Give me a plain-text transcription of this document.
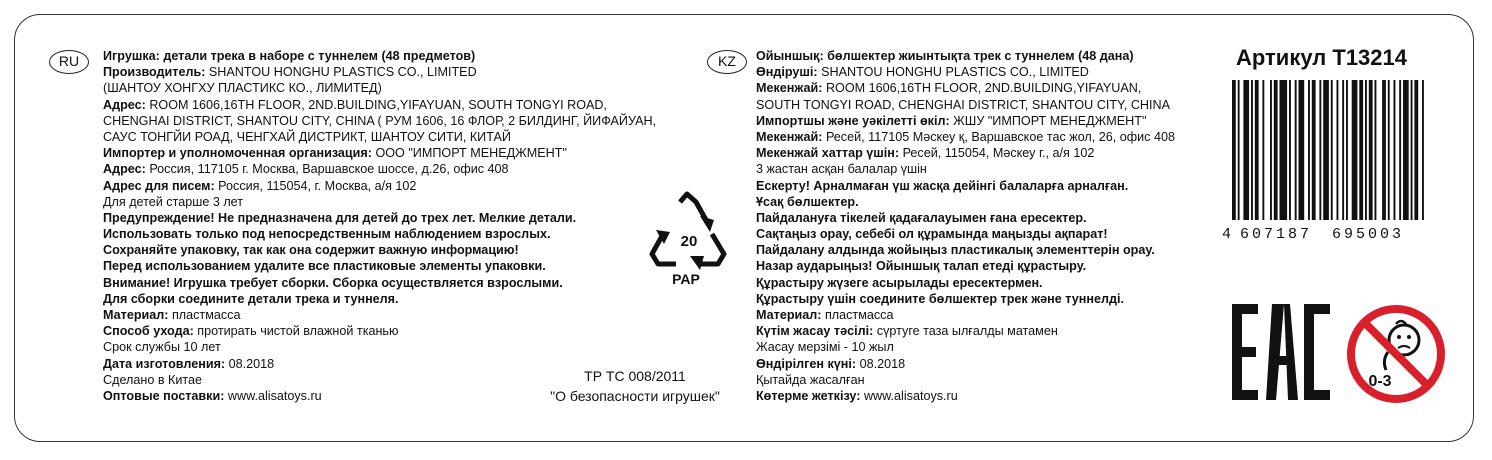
RU	Игрушка: детали трека в наборе с туннелем (48 предметов)
Производитель: SHANTOU HONGHU PLASTICS CO., LIMITED
(ШАНТОУ ХОНГХУ ПЛАСТИКС КО., ЛИМИТЕД)
Адрес: ROOM 1606,16TH FLOOR, 2ND.BUILDING,YIFAYUAN, SOUTH TONGYI ROAD,
CHENGHAI DISTRICT, SHANTOU CITY, CHINA ( РУМ 1606, 16 ФЛОР, 2 БИЛДИНГ, ЙИФАЙУАН,
САУС ТОНГЙИ РОАД, ЧЕНГХАЙ ДИСТРИКТ, ШАНТОУ СИТИ, КИТАЙ
Импортер и уполномоченная организация: ООО "ИМПОРТ МЕНЕДЖМЕНТ"
Адрес: Россия, 117105 г. Москва, Варшавское шоссе, д.26, офис 408
Адрес для писем: Россия, 115054, г. Москва, а/я 102
Для детей старше 3 лет
Предупреждение! Не предназначена для детей до трех лет. Мелкие детали.
Использовать только под непосредственным наблюдением взрослых.
Сохраняйте упаковку, так как она содержит важную информацию!
Перед использованием удалите все пластиковые элементы упаковки.
Внимание! Игрушка требует сборки. Сборка осуществляется взрослыми.
Для сборки соедините детали трека и туннеля.
Материал: пластмасса
Способ ухода: протирать чистой влажной тканью
Срок службы 10 лет
Дата изготовления: 08.2018
Сделано в Китае
Оптовые поставки: www.alisatoys.ru
KZ	Ойыншық: бөлшектер жиынтықта трек с туннелем (48 дана)
Өндіруші: SHANTOU HONGHU PLASTICS CO., LIMITED
Мекенжай: ROOM 1606,16TH FLOOR, 2ND.BUILDING,YIFAYUAN,
SOUTH TONGYI ROAD, CHENGHAI DISTRICT, SHANTOU CITY, CHINA
Импортшы және уәкілетті өкіл: ЖШУ "ИМПОРТ МЕНЕДЖМЕНТ"
Мекенжай: Ресей, 117105 Мәскеу қ, Варшавское тас жол, 26, офис 408
Мекенжай хаттар үшін: Ресей, 115054, Мәскеу г., а/я 102
3 жастан асқан балалар үшін
Ескерту! Арналмаған үш жасқа дейінгі балаларға арналған.
Ұсақ бөлшектер.
Пайдалануға тікелей қадағалауымен ғана ересектер.
Сақтаңыз орау, себебі ол құрамында маңызды ақпарат!
Пайдалану алдында жойыңыз пластикалық элементтерін орау.
Назар аударыңыз! Ойыншық талап етеді құрастыру.
Құрастыру жүзеге асырылады ересектермен.
Құрастыру үшін соедините бөлшектер трек және туннелді.
Материал: пластмасса
Күтім жасау тәсілі: сүртуге таза ылғалды матамен
Жасау мерзімі - 10 жыл
Өндірілген күні: 08.2018
Қытайда жасалған
Көтерме жеткізу: www.alisatoys.ru
20
PAP
ТР ТС 008/2011
"О безопасности игрушек"
Артикул T13214
4 607187 695003
0-3
